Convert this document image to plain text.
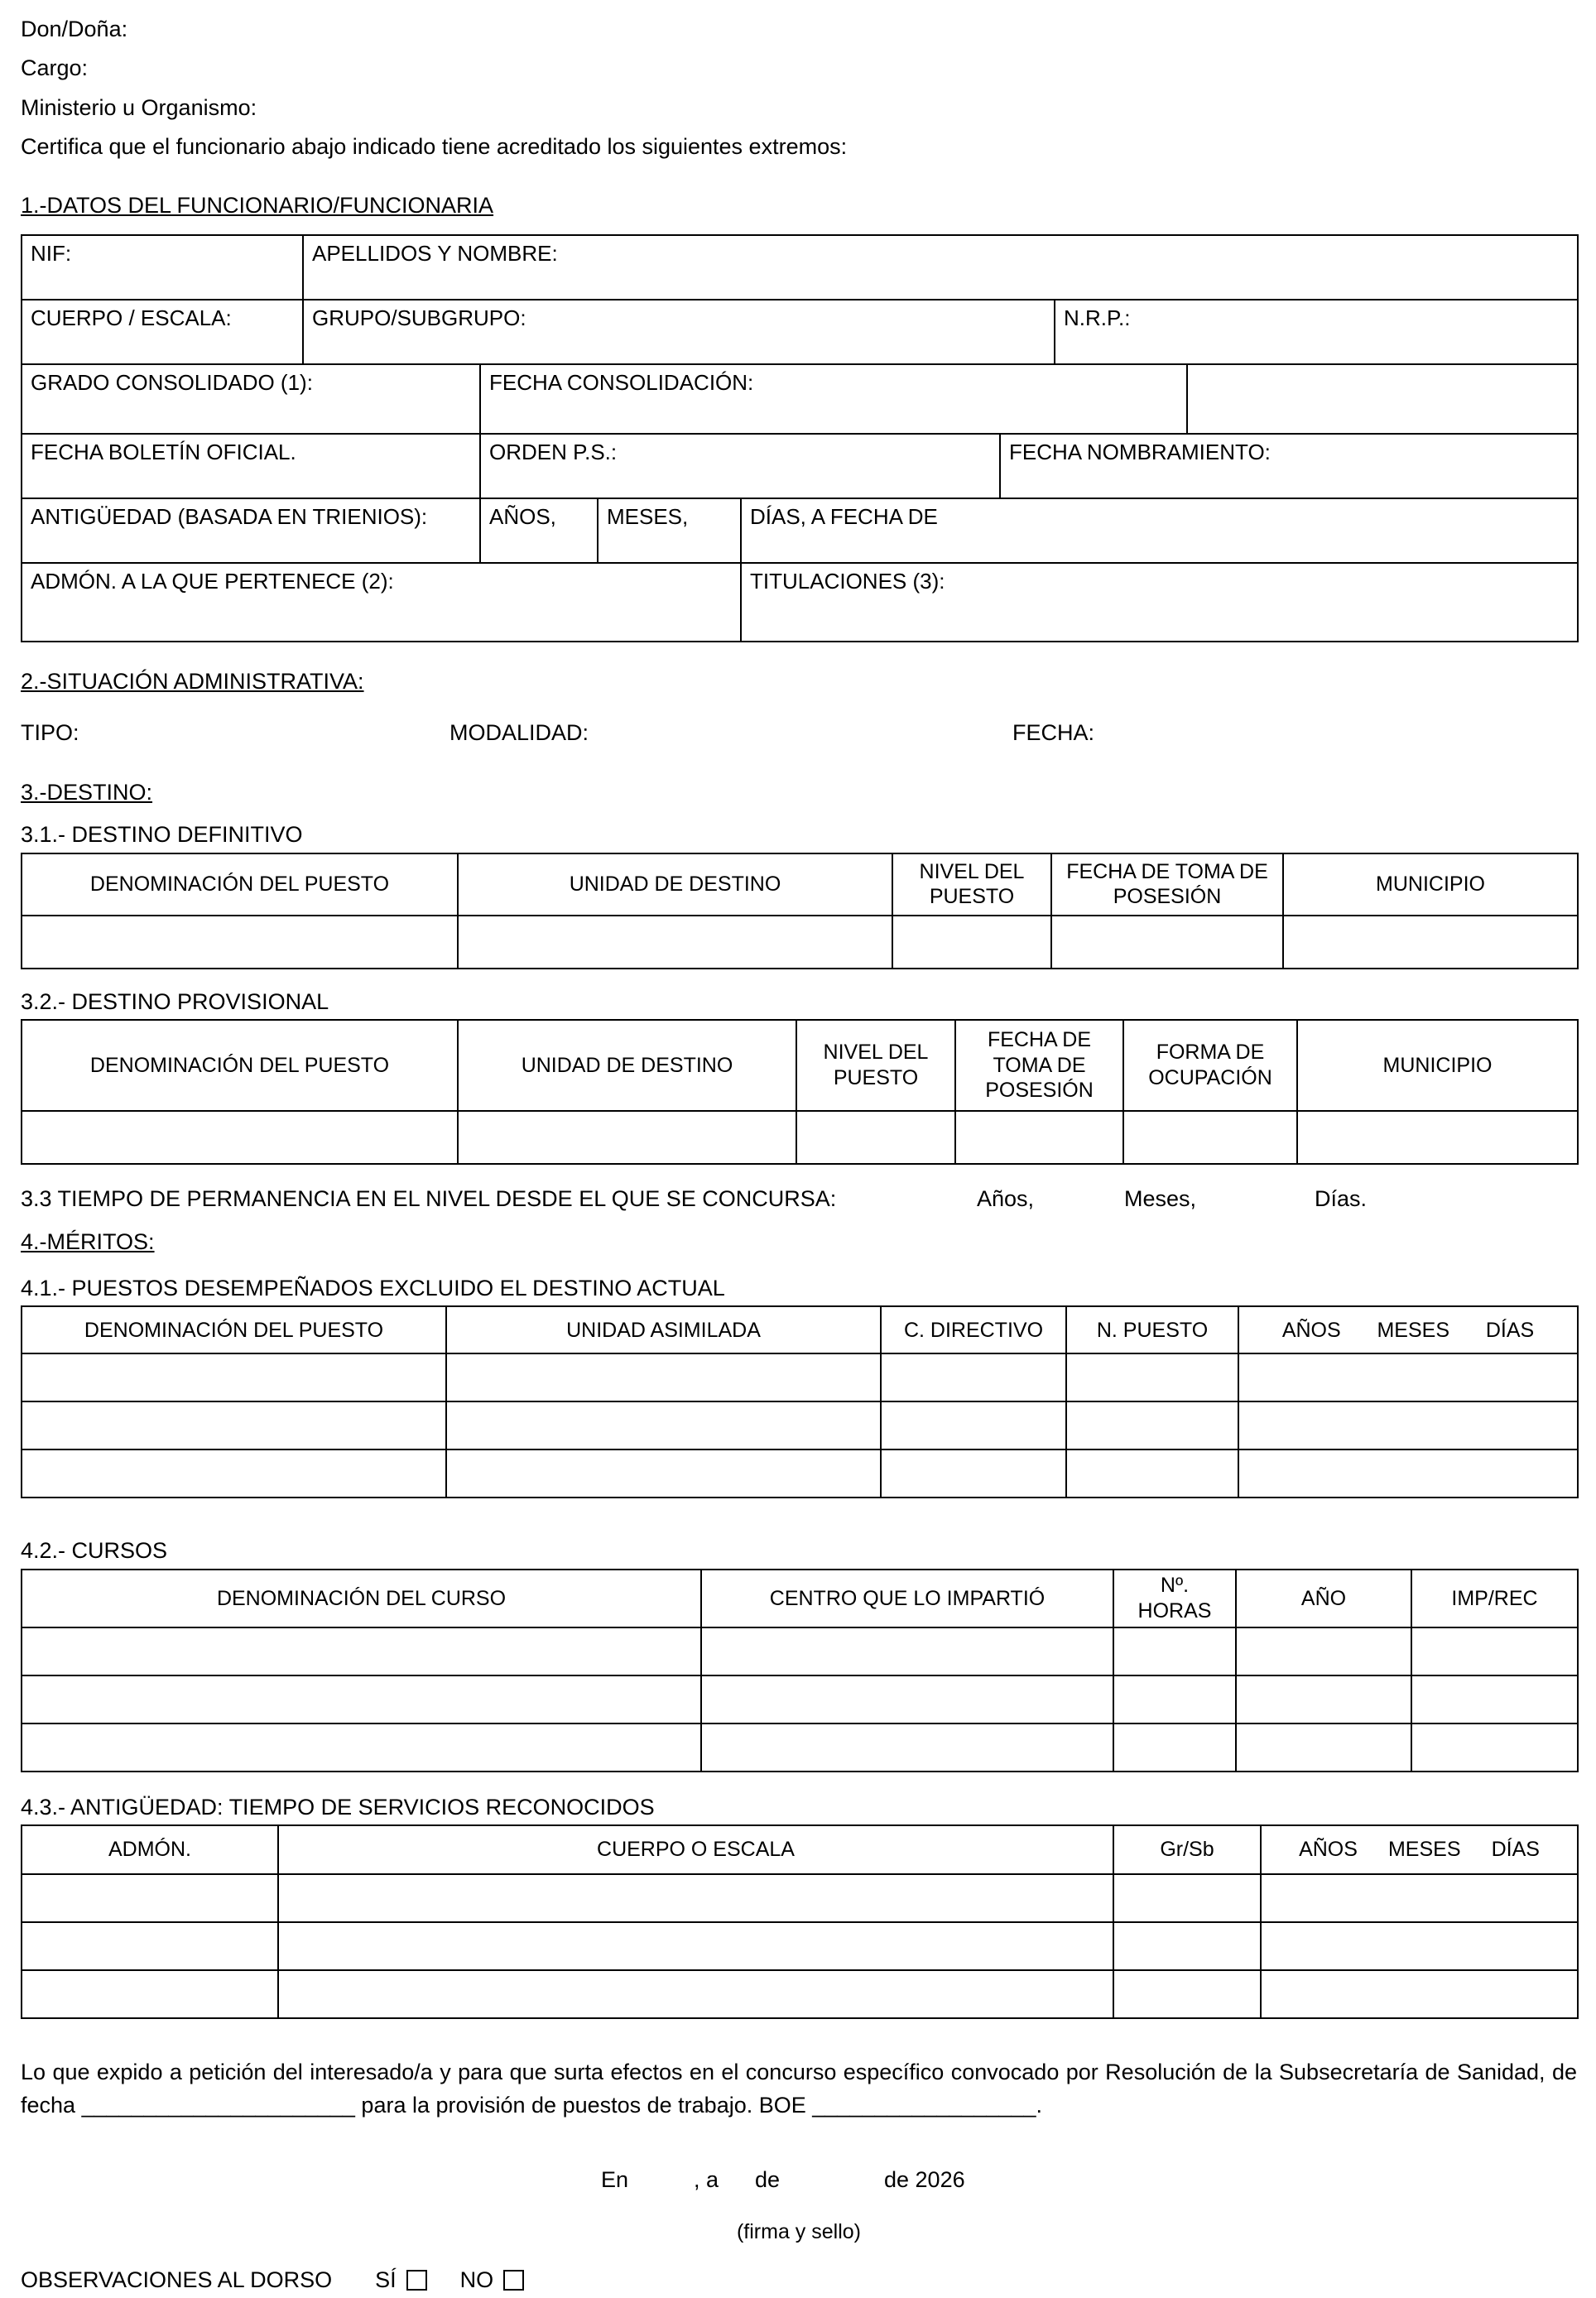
Don/Doña:
Cargo:
Ministerio u Organismo:
Certifica que el funcionario abajo indicado tiene acreditado los siguientes extremos:
1.-DATOS DEL FUNCIONARIO/FUNCIONARIA
NIF:	APELLIDOS Y NOMBRE:						
CUERPO / ESCALA:	GRUPO/SUBGRUPO:					N.R.P.:	
GRADO CONSOLIDADO (1):		FECHA CONSOLIDACIÓN:					
FECHA BOLETÍN OFICIAL.		ORDEN P.S.:			FECHA NOMBRAMIENTO:		
ANTIGÜEDAD (BASADA EN TRIENIOS):		AÑOS,	MESES,	DÍAS, A FECHA DE			
ADMÓN. A LA QUE PERTENECE (2):				TITULACIONES (3):			
2.-SITUACIÓN ADMINISTRATIVA:
TIPO:	MODALIDAD:	FECHA:
3.-DESTINO:
3.1.- DESTINO DEFINITIVO
DENOMINACIÓN DEL PUESTO	UNIDAD DE DESTINO	NIVEL DEL PUESTO	FECHA DE TOMA DE POSESIÓN	MUNICIPIO

3.2.- DESTINO PROVISIONAL
DENOMINACIÓN DEL PUESTO	UNIDAD DE DESTINO	NIVEL DEL PUESTO	FECHA DE TOMA DE POSESIÓN	FORMA DE OCUPACIÓN	MUNICIPIO

3.3 TIEMPO DE PERMANENCIA EN EL NIVEL DESDE EL QUE SE CONCURSA:	Años,	Meses,	Días.
4.-MÉRITOS:
4.1.- PUESTOS DESEMPEÑADOS EXCLUIDO EL DESTINO ACTUAL
DENOMINACIÓN DEL PUESTO	UNIDAD ASIMILADA	C. DIRECTIVO	N. PUESTO	AÑOS MESES DÍAS

4.2.- CURSOS
DENOMINACIÓN DEL CURSO	CENTRO QUE LO IMPARTIÓ	Nº. HORAS	AÑO	IMP/REC

4.3.- ANTIGÜEDAD: TIEMPO DE SERVICIOS RECONOCIDOS
ADMÓN.	CUERPO O ESCALA	Gr/Sb	AÑOS MESES DÍAS

Lo que expido a petición del interesado/a y para que surta efectos en el concurso específico convocado por Resolución de la Subsecretaría de Sanidad, de fecha ______________________ para la provisión de puestos de trabajo. BOE __________________.

En	, a de	de 2026
(firma y sello)
OBSERVACIONES AL DORSO SÍ	NO
